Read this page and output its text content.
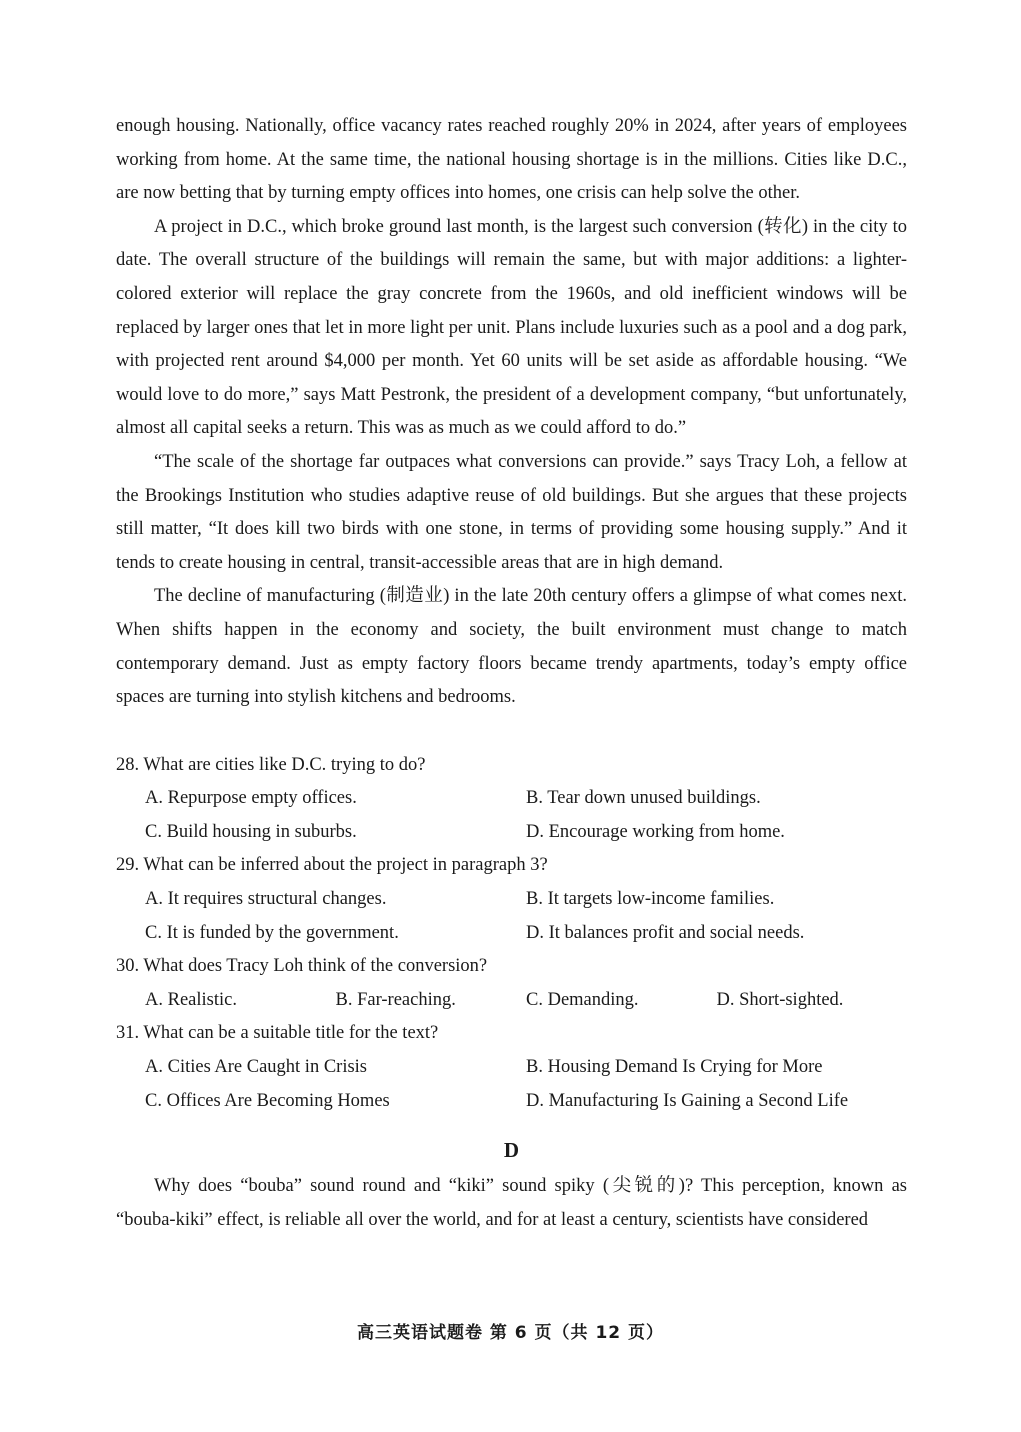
enough housing. Nationally, office vacancy rates reached roughly 20% in 2024, after years of employees working from home. At the same time, the national housing shortage is in the millions. Cities like D.C., are now betting that by turning empty offices into homes, one crisis can help solve the other.

A project in D.C., which broke ground last month, is the largest such conversion (转化) in the city to date. The overall structure of the buildings will remain the same, but with major additions: a lighter-colored exterior will replace the gray concrete from the 1960s, and old inefficient windows will be replaced by larger ones that let in more light per unit. Plans include luxuries such as a pool and a dog park, with projected rent around $4,000 per month. Yet 60 units will be set aside as affordable housing. “We would love to do more,” says Matt Pestronk, the president of a development company, “but unfortunately, almost all capital seeks a return. This was as much as we could afford to do.”

“The scale of the shortage far outpaces what conversions can provide.” says Tracy Loh, a fellow at the Brookings Institution who studies adaptive reuse of old buildings. But she argues that these projects still matter, “It does kill two birds with one stone, in terms of providing some housing supply.” And it tends to create housing in central, transit-accessible areas that are in high demand.

The decline of manufacturing (制造业) in the late 20th century offers a glimpse of what comes next. When shifts happen in the economy and society, the built environment must change to match contemporary demand. Just as empty factory floors became trendy apartments, today’s empty office spaces are turning into stylish kitchens and bedrooms.

28. What are cities like D.C. trying to do?

A. Repurpose empty offices.	B. Tear down unused buildings.
C. Build housing in suburbs.	D. Encourage working from home.

29. What can be inferred about the project in paragraph 3?

A. It requires structural changes.	B. It targets low-income families.
C. It is funded by the government.	D. It balances profit and social needs.

30. What does Tracy Loh think of the conversion?

A. Realistic.	B. Far-reaching.	C. Demanding.	D. Short-sighted.

31. What can be a suitable title for the text?

A. Cities Are Caught in Crisis	B. Housing Demand Is Crying for More
C. Offices Are Becoming Homes	D. Manufacturing Is Gaining a Second Life
D

Why does “bouba” sound round and “kiki” sound spiky (尖锐的)? This perception, known as “bouba-kiki” effect, is reliable all over the world, and for at least a century, scientists have considered

高三英语试题卷 第 6 页（共 12 页）
